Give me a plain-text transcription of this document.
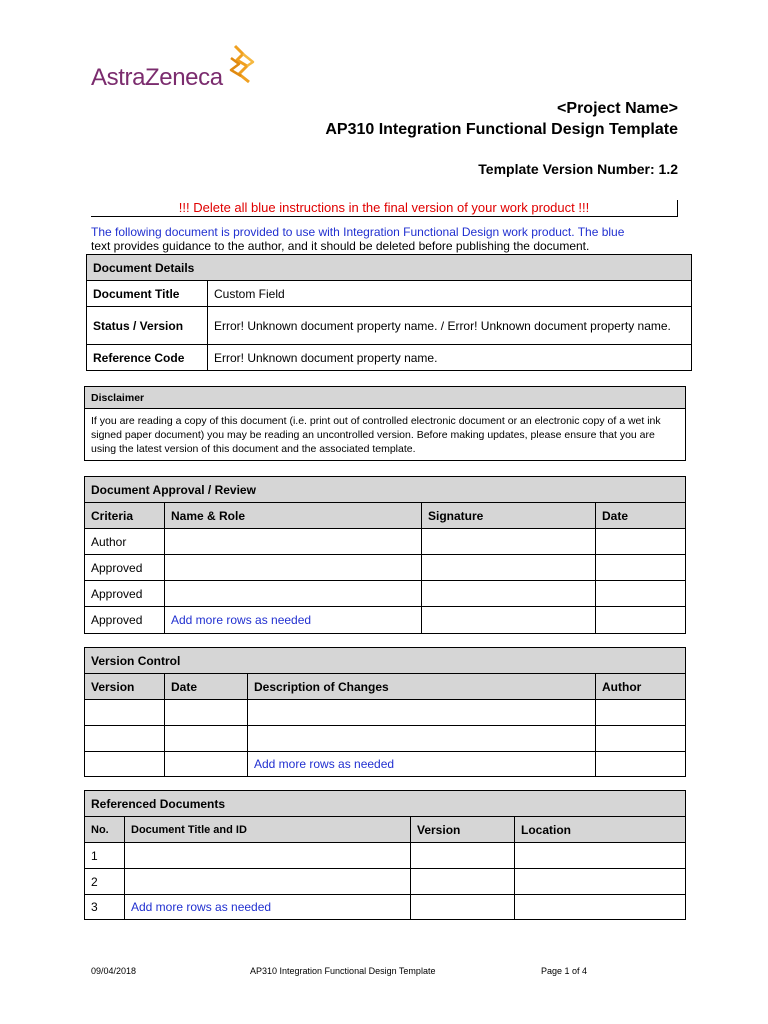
AstraZeneca
<Project Name>
AP310 Integration Functional Design Template
Template Version Number: 1.2
!!! Delete all blue instructions in the final version of your work product !!!
The following document is provided to use with Integration Functional Design work product. The blue
text provides guidance to the author, and it should be deleted before publishing the document.
Document Details	
Document Title	Custom Field
Status / Version	Error! Unknown document property name. / Error! Unknown document property name.
Reference Code	Error! Unknown document property name.
Disclaimer
If you are reading a copy of this document (i.e. print out of controlled electronic document or an electronic copy of a wet ink signed paper document) you may be reading an uncontrolled version. Before making updates, please ensure that you are using the latest version of this document and the associated template.
Document Approval / Review			
Criteria	Name & Role	Signature	Date
Author			
Approved			
Approved			
Approved	Add more rows as needed		
Version Control			
Version	Date	Description of Changes	Author

		Add more rows as needed	
Referenced Documents			
No.	Document Title and ID	Version	Location
1			
2			
3	Add more rows as needed		
09/04/2018	AP310 Integration Functional Design Template	Page 1 of 4
